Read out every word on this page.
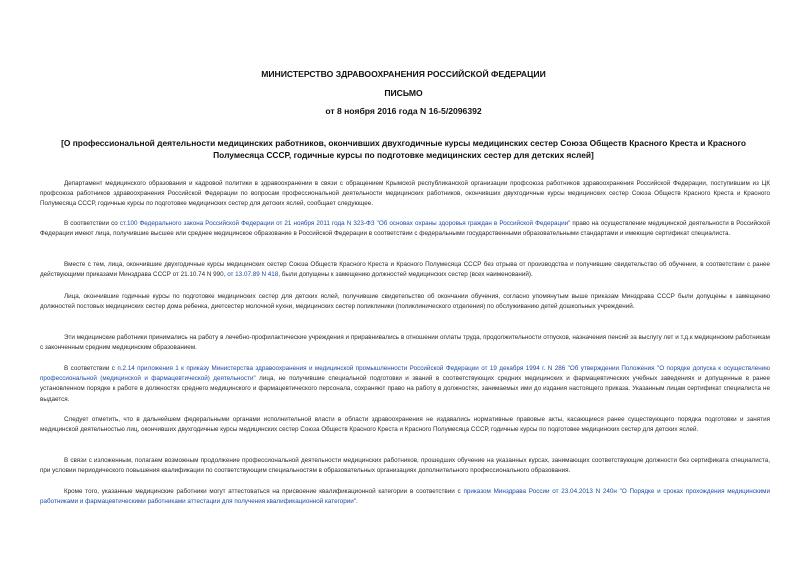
МИНИСТЕРСТВО ЗДРАВООХРАНЕНИЯ РОССИЙСКОЙ ФЕДЕРАЦИИ
ПИСЬМО
от 8 ноября 2016 года N 16-5/2096392
[О профессиональной деятельности медицинских работников, окончивших двухгодичные курсы медицинских сестер Союза Обществ Красного Креста и Красного Полумесяца СССР, годичные курсы по подготовке медицинских сестер для детских яслей]
Департамент медицинского образования и кадровой политики в здравоохранении в связи с обращением Крымской республиканской организации профсоюза работников здравоохранения Российской Федерации, поступившим из ЦК профсоюза работников здравоохранения Российской Федерации по вопросам профессиональной деятельности медицинских работников, окончивших двухгодичные курсы медицинских сестер Союза Обществ Красного Креста и Красного Полумесяца СССР, годичные курсы по подготовке медицинских сестер для детских яслей, сообщает следующее.
В соответствии со ст.100 Федерального закона Российской Федерации от 21 ноября 2011 года N 323-ФЗ "Об основах охраны здоровья граждан в Российской Федерации" право на осуществление медицинской деятельности в Российской Федерации имеют лица, получившие высшее или среднее медицинское образование в Российской Федерации в соответствии с федеральными государственными образовательными стандартами и имеющие сертификат специалиста.
Вместе с тем, лица, окончившие двухгодичные курсы медицинских сестер Союза Обществ Красного Креста и Красного Полумесяца СССР без отрыва от производства и получившие свидетельство об обучении, в соответствии с ранее действующими приказами Минздрава СССР от 21.10.74 N 990, от 13.07.89 N 418, были допущены к замещению должностей медицинских сестер (всех наименований).
Лица, окончившие годичные курсы по подготовке медицинских сестер для детских яслей, получившие свидетельство об окончании обучения, согласно упомянутым выше приказам Минздрава СССР были допущены к замещению должностей постовых медицинских сестер дома ребенка, диетсестер молочной кухни, медицинских сестер поликлиники (поликлинического отделения) по обслуживанию детей дошкольных учреждений.
Эти медицинские работники принимались на работу в лечебно-профилактические учреждения и приравнивались в отношении оплаты труда, продолжительности отпусков, назначения пенсий за выслугу лет и т.д.к медицинским работникам с законченным средним медицинским образованием.
В соответствии с п.2.14 приложения 1 к приказу Министерства здравоохранения и медицинской промышленности Российской Федерации от 19 декабря 1994 г. N 286 "Об утверждении Положения "О порядке допуска к осуществлению профессиональной (медицинской и фармацевтической) деятельности" лица, не получившие специальной подготовки и званий в соответствующих средних медицинских и фармацевтических учебных заведениях и допущенные в ранее установленном порядке к работе в должностях среднего медицинского и фармацевтического персонала, сохраняют право на работу в должностях, занимаемых ими до издания настоящего приказа. Указанным лицам сертификат специалиста не выдается.
Следует отметить, что в дальнейшем федеральными органами исполнительной власти в области здравоохранения не издавались нормативные правовые акты, касающиеся ранее существующего порядка подготовки и занятия медицинской деятельностью лиц, окончивших двухгодичные курсы медицинских сестер Союза Обществ Красного Креста и Красного Полумесяца СССР, годичные курсы по подготовке медицинских сестер для детских яслей.
В связи с изложенным, полагаем возможным продолжение профессиональной деятельности медицинских работников, прошедших обучение на указанных курсах, занимающих соответствующие должности без сертификата специалиста, при условии периодического повышения квалификации по соответствующим специальностям в образовательных организациях дополнительного профессионального образования.
Кроме того, указанные медицинские работники могут аттестоваться на присвоение квалификационной категории в соответствии с приказом Минздрава России от 23.04.2013 N 240н "О Порядке и сроках прохождения медицинскими работниками и фармацевтическими работниками аттестации для получения квалификационной категории".
